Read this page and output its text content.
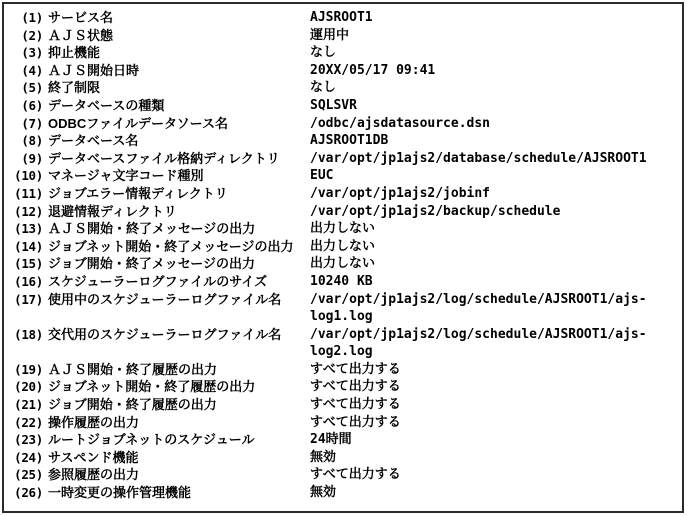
(1) サービス名	AJSROOT1
(2) ＡＪＳ状態	運用中
(3) 抑止機能	なし
(4) ＡＪＳ開始日時	20XX/05/17 09:41
(5) 終了制限	なし
(6) データベースの種類	SQLSVR
(7) ODBCファイルデータソース名	/odbc/ajsdatasource.dsn
(8) データベース名	AJSROOT1DB
(9) データベースファイル格納ディレクトリ	/var/opt/jp1ajs2/database/schedule/AJSROOT1
(10) マネージャ文字コード種別	EUC
(11) ジョブエラー情報ディレクトリ	/var/opt/jp1ajs2/jobinf
(12) 退避情報ディレクトリ	/var/opt/jp1ajs2/backup/schedule
(13) ＡＪＳ開始・終了メッセージの出力	出力しない
(14) ジョブネット開始・終了メッセージの出力	出力しない
(15) ジョブ開始・終了メッセージの出力	出力しない
(16) スケジューラーログファイルのサイズ	10240 KB
(17) 使用中のスケジューラーログファイル名	/var/opt/jp1ajs2/log/schedule/AJSROOT1/ajs-log1.log
(18) 交代用のスケジューラーログファイル名	/var/opt/jp1ajs2/log/schedule/AJSROOT1/ajs-log2.log
(19) ＡＪＳ開始・終了履歴の出力	すべて出力する
(20) ジョブネット開始・終了履歴の出力	すべて出力する
(21) ジョブ開始・終了履歴の出力	すべて出力する
(22) 操作履歴の出力	すべて出力する
(23) ルートジョブネットのスケジュール	24時間
(24) サスペンド機能	無効
(25) 参照履歴の出力	すべて出力する
(26) 一時変更の操作管理機能	無効
